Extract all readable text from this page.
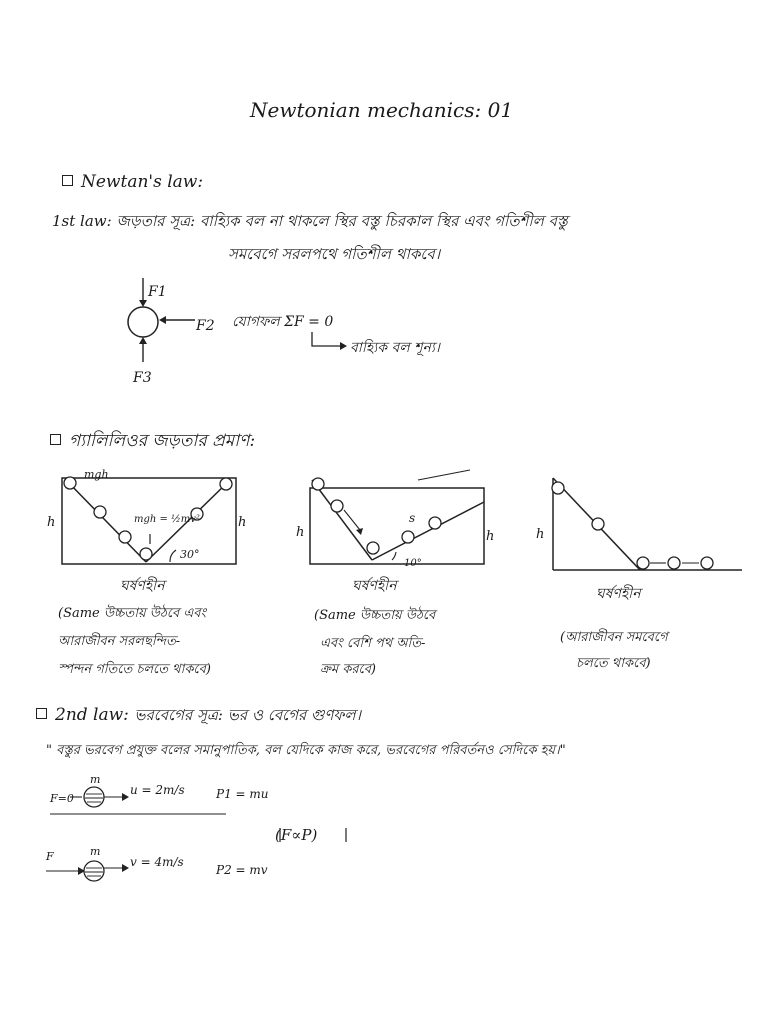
Newtonian mechanics: 01
Newtan's law:
1st law: জড়তার সূত্র: বাহ্যিক বল না থাকলে স্থির বস্তু চিরকাল স্থির এবং গতিশীল বস্তু
সমবেগে সরলপথে গতিশীল থাকবে।
F1
F2
F3
যোগফল ΣF = 0
বাহ্যিক বল শূন্য।
গ্যালিলিওর জড়তার প্রমাণ:
mgh
mgh = ½mv²
h	h
30°
h
s
h
10°
h
ঘর্ষণহীন
(Same উচ্চতায় উঠবে এবং
আরাজীবন সরলছন্দিত-
স্পন্দন গতিতে চলতে থাকবে)
ঘর্ষণহীন
(Same উচ্চতায় উঠবে
এবং বেশি পথ অতি-
ক্রম করবে)
ঘর্ষণহীন
(আরাজীবন সমবেগে
চলতে থাকবে)
2nd law: ভরবেগের সূত্র: ভর ও বেগের গুণফল।
" বস্তুর ভরবেগ প্রযুক্ত বলের সমানুপাতিক, বল যেদিকে কাজ করে, ভরবেগের পরিবর্তনও সেদিকে হয়।"
F=0
m
u = 2m/s	P1 = mu
(F∝P)
F	m
v = 4m/s
P2 = mv
